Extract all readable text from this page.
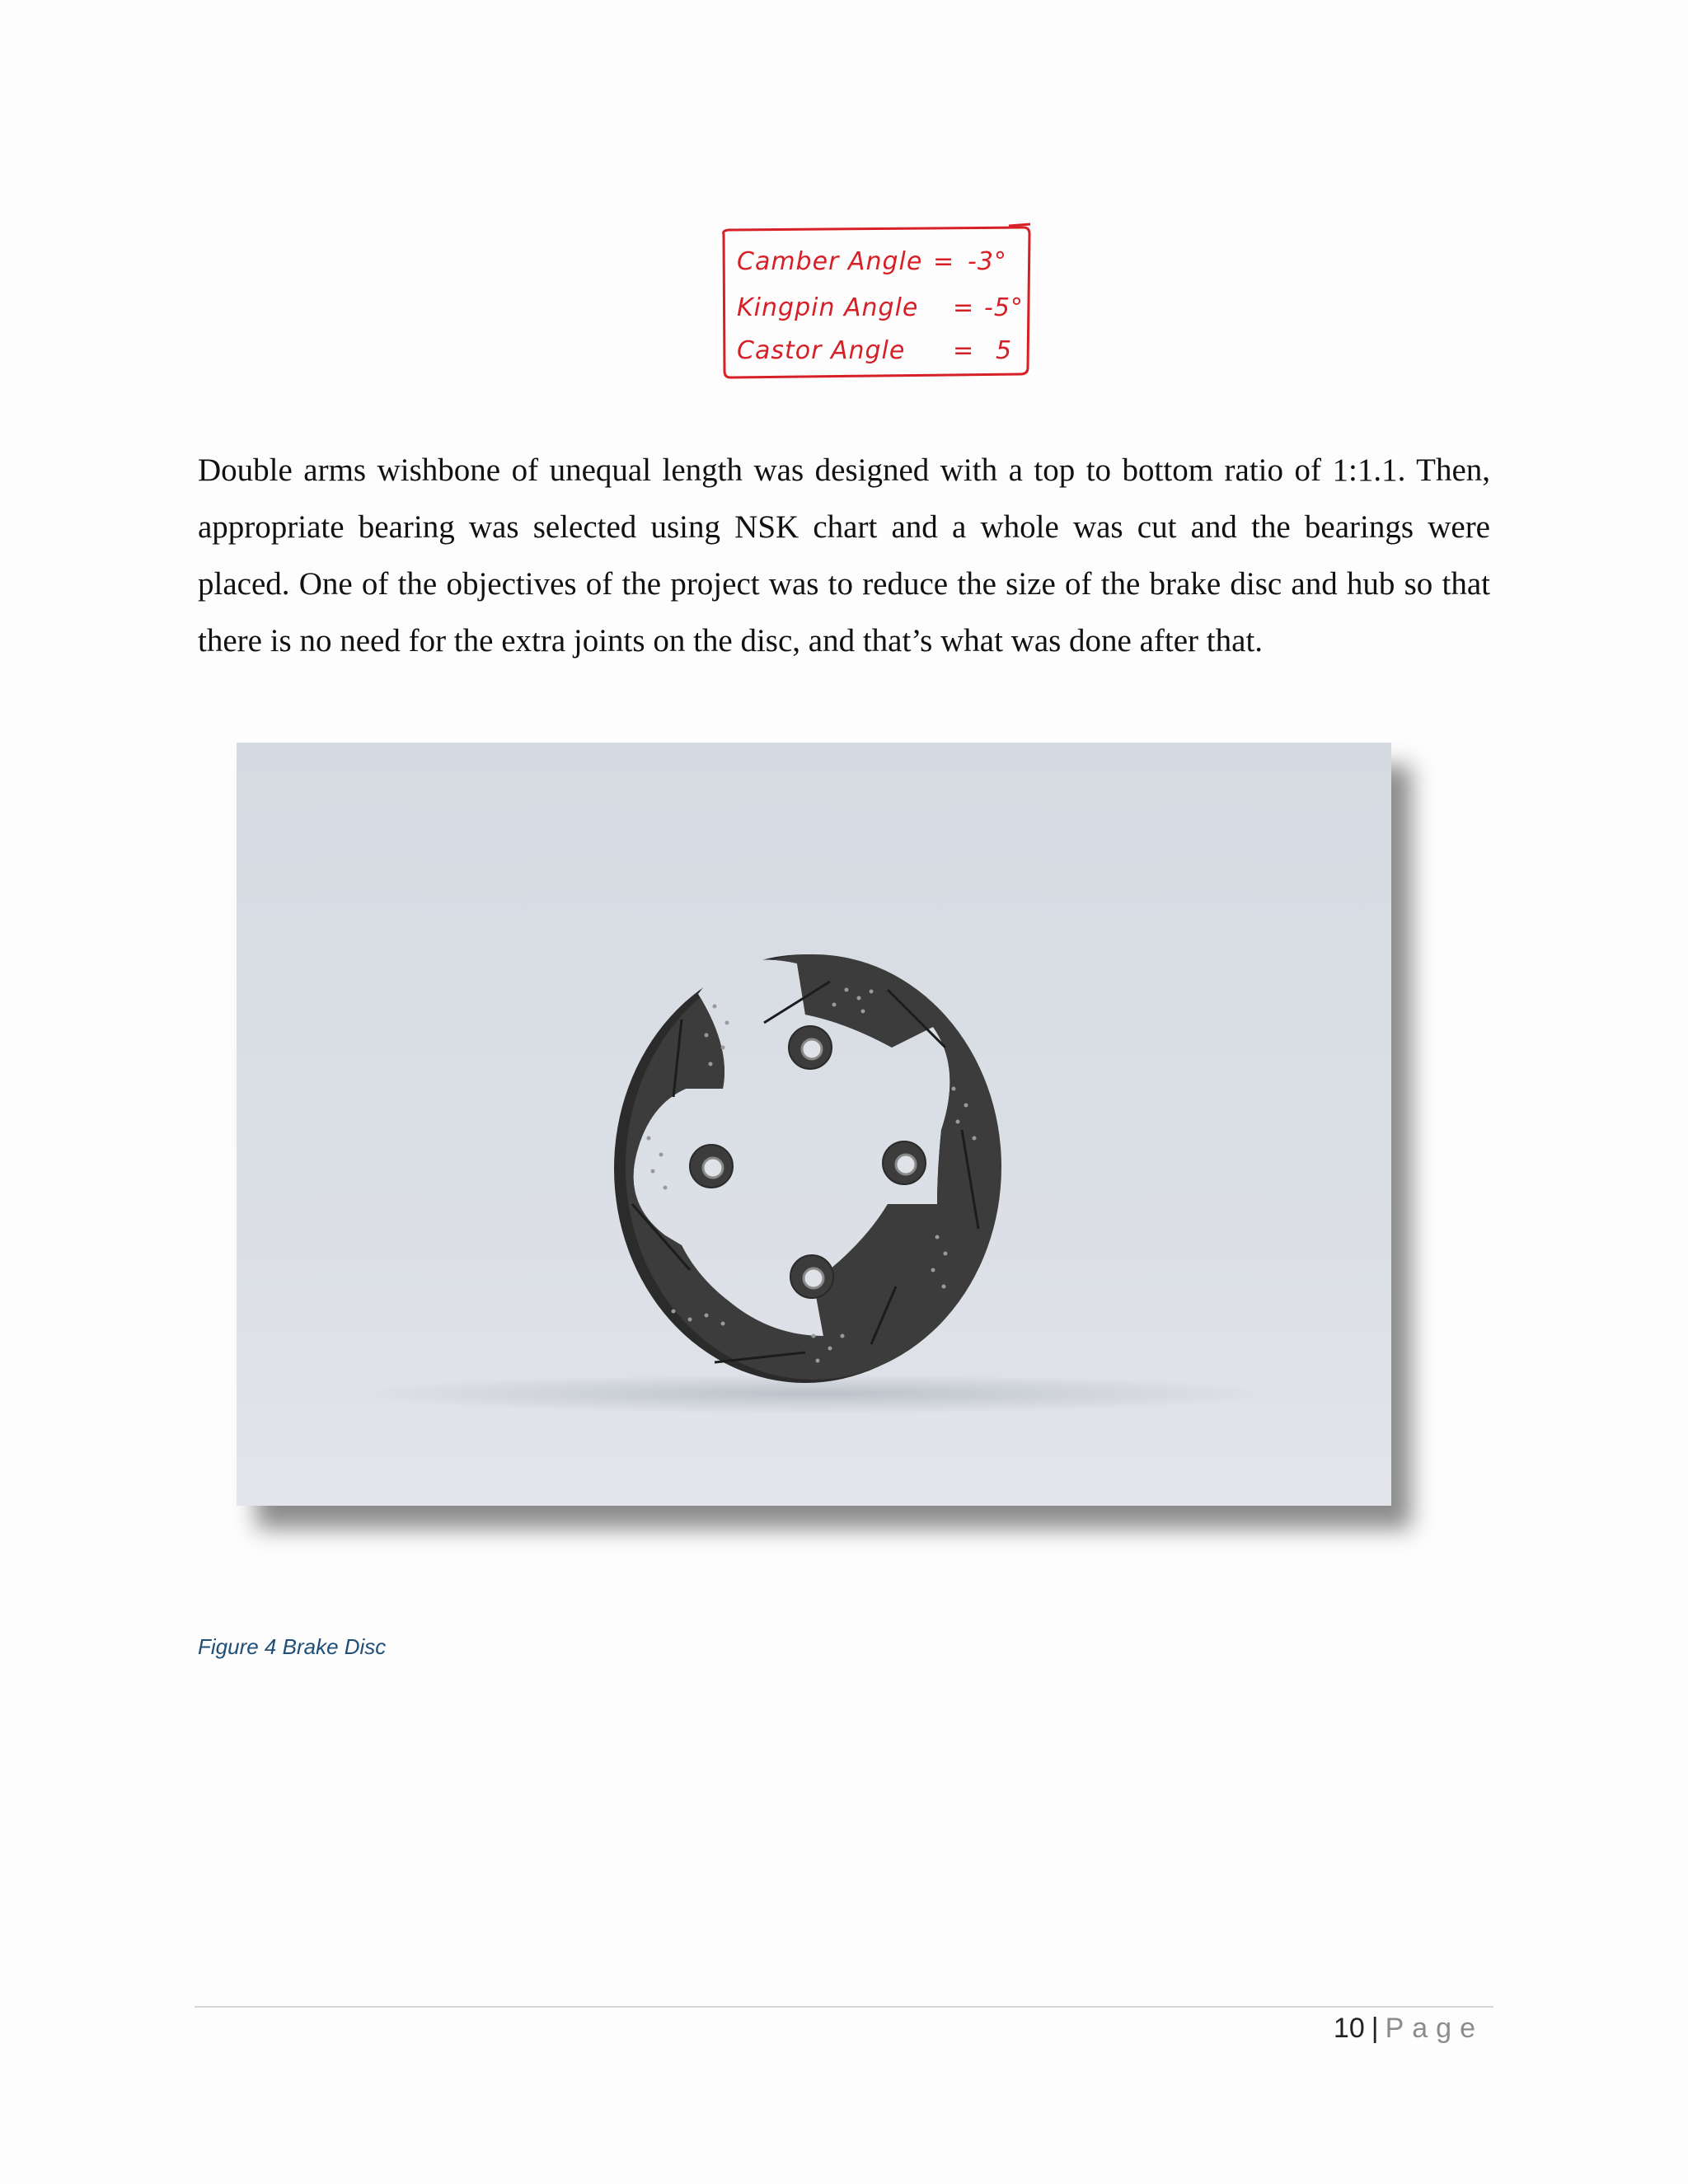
Camber Angle = -3°
Kingpin Angle = -5°
Castor Angle = 5

Double arms wishbone of unequal length was designed with a top to bottom ratio of 1:1.1. Then, appropriate bearing was selected using NSK chart and a whole was cut and the bearings were placed. One of the objectives of the project was to reduce the size of the brake disc and hub so that there is no need for the extra joints on the disc, and that’s what was done after that.

Figure 4 Brake Disc
10 | Page
